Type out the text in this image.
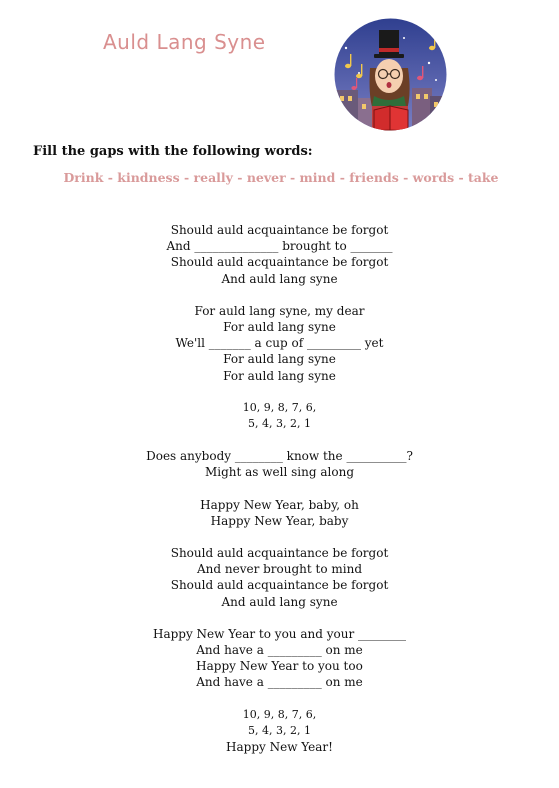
Auld Lang Syne

Fill the gaps with the following words:

Drink - kindness - really - never - mind - friends - words - take

Should auld acquaintance be forgot
And ______________ brought to _______
Should auld acquaintance be forgot
And auld lang syne
For auld lang syne, my dear
For auld lang syne
We'll _______ a cup of _________ yet
For auld lang syne
For auld lang syne
10, 9, 8, 7, 6,
5, 4, 3, 2, 1
Does anybody ________ know the __________?
Might as well sing along
Happy New Year, baby, oh
Happy New Year, baby
Should auld acquaintance be forgot
And never brought to mind
Should auld acquaintance be forgot
And auld lang syne
Happy New Year to you and your ________
And have a _________ on me
Happy New Year to you too
And have a _________ on me
10, 9, 8, 7, 6,
5, 4, 3, 2, 1
Happy New Year!
